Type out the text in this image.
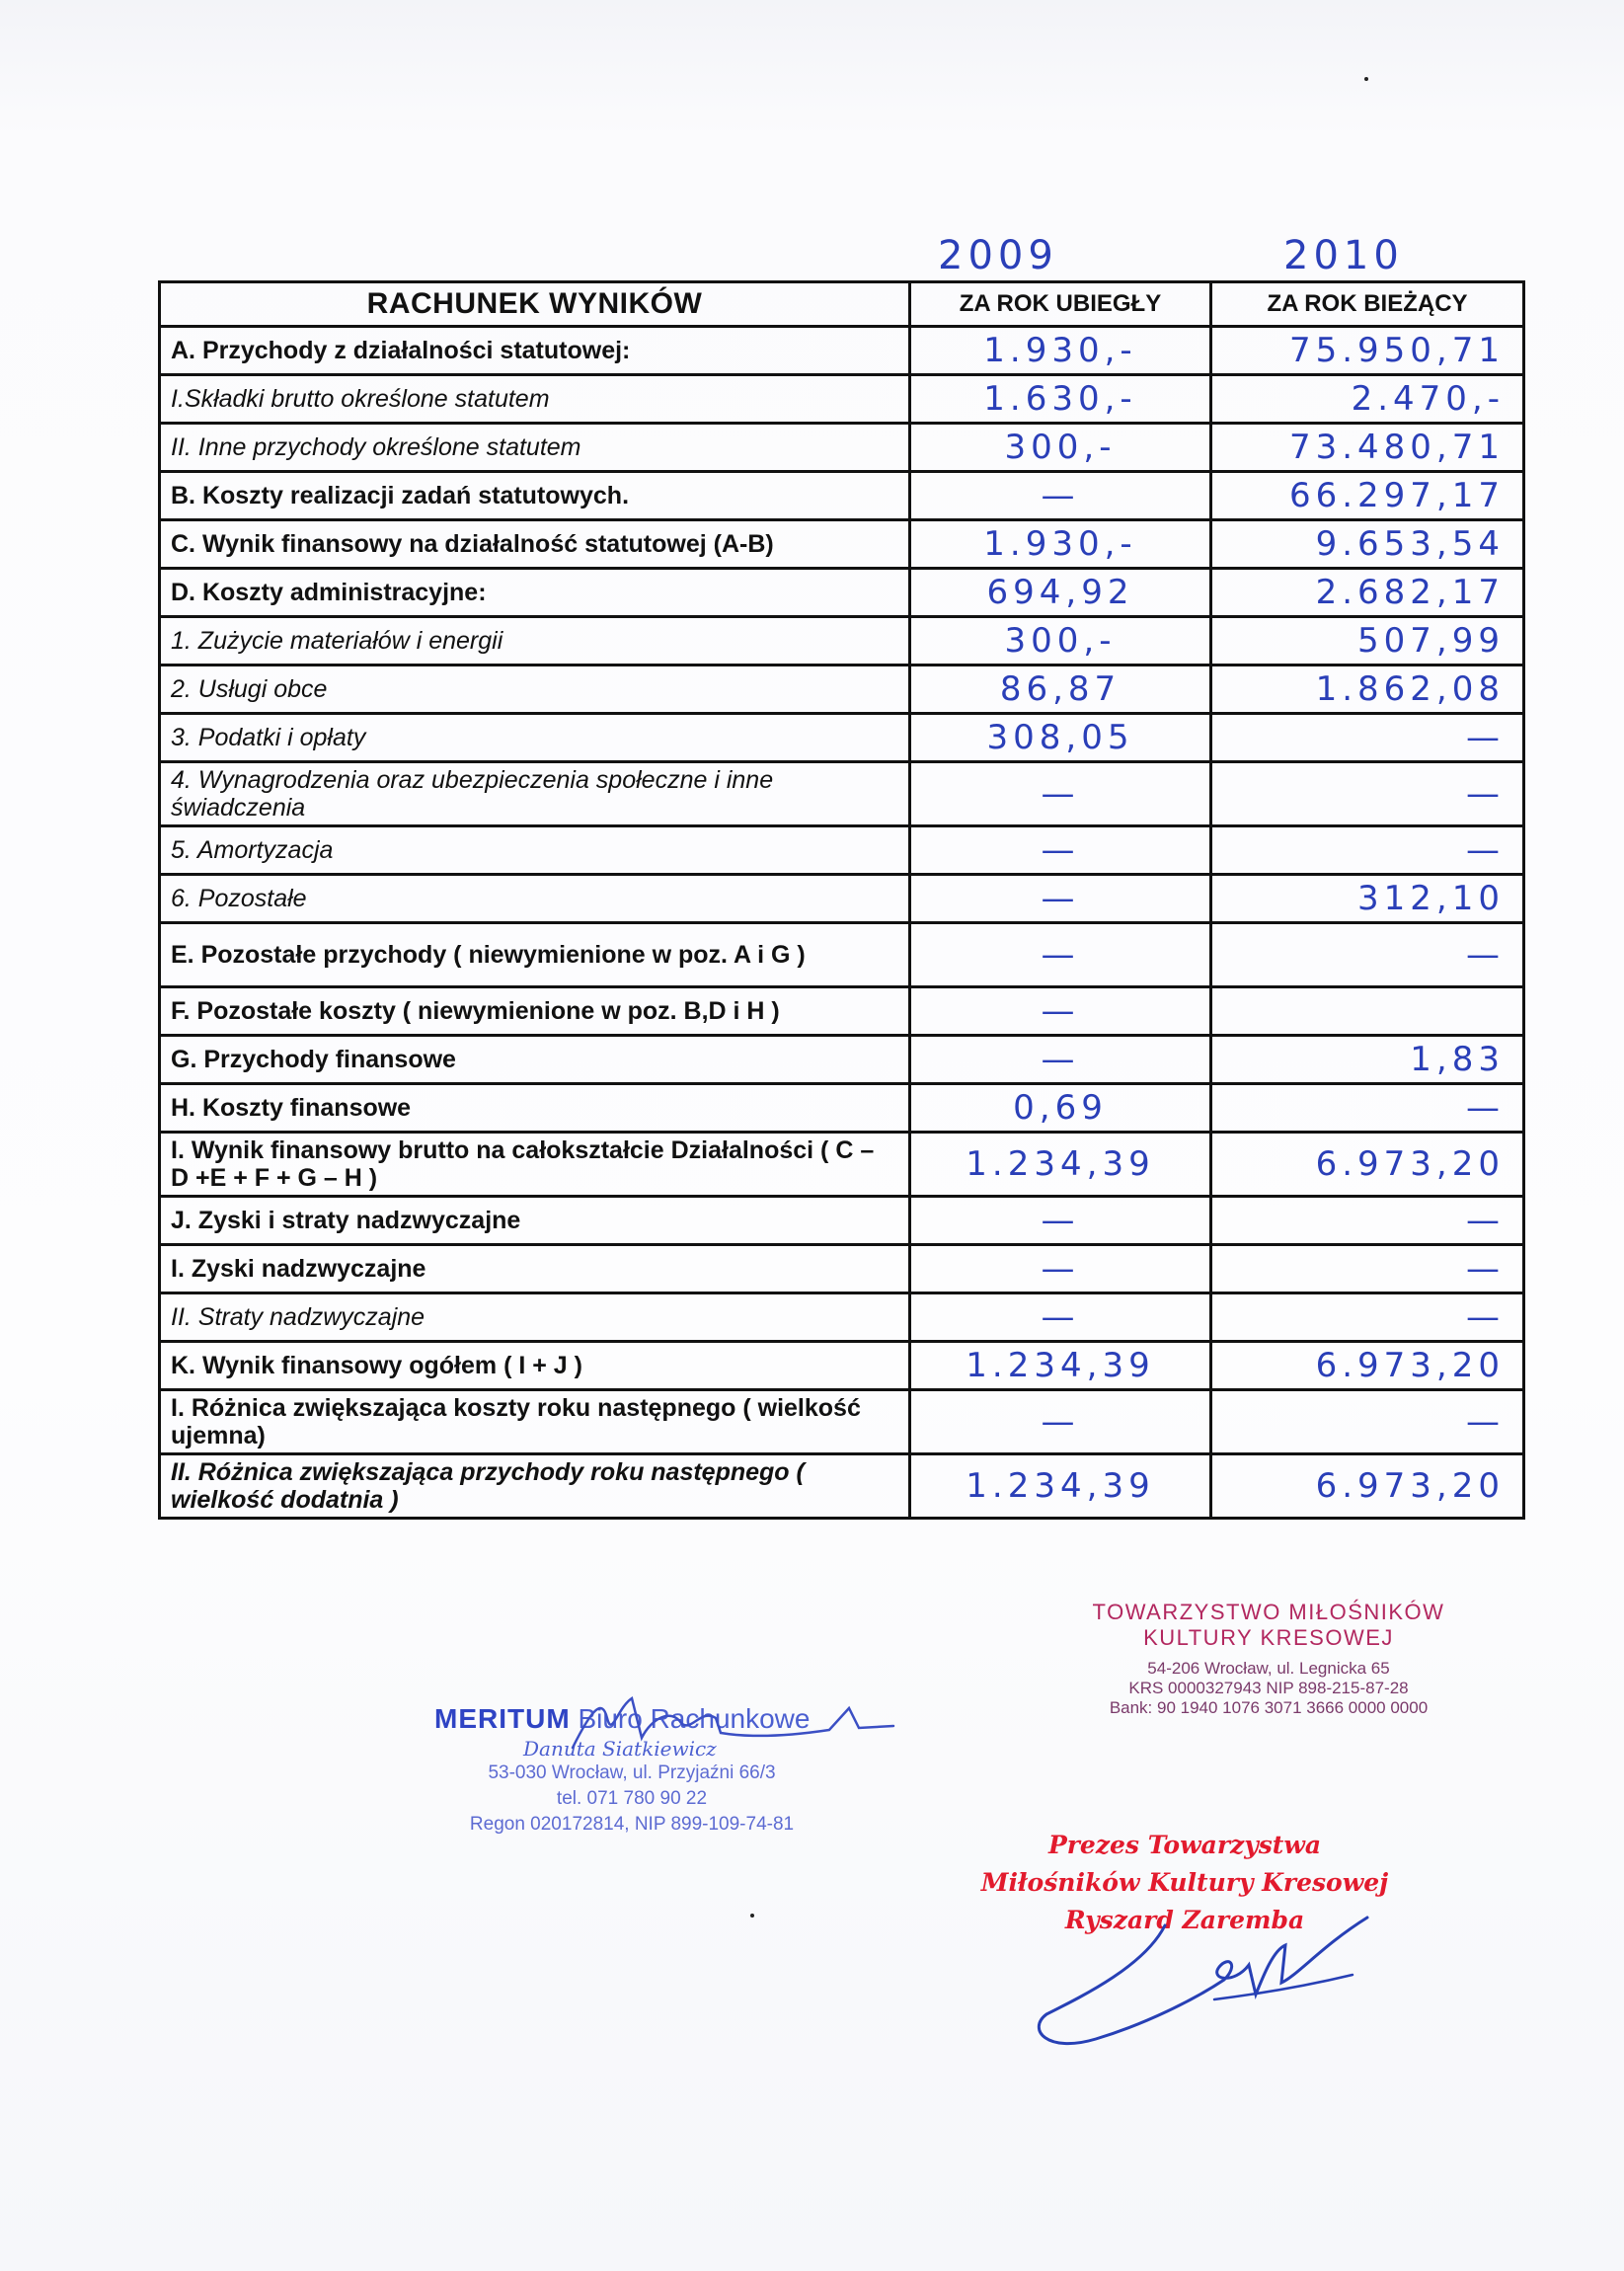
2009	2010
RACHUNEK WYNIKÓW	ZA ROK UBIEGŁY	ZA ROK BIEŻĄCY
A. Przychody z działalności statutowej:	1.930,-	75.950,71
I.Składki brutto określone statutem	1.630,-	2.470,-
II. Inne przychody określone statutem	300,-	73.480,71
B. Koszty realizacji zadań statutowych.	—	66.297,17
C. Wynik finansowy na działalność statutowej (A-B)	1.930,-	9.653,54
D. Koszty administracyjne:	694,92	2.682,17
1. Zużycie materiałów i energii	300,-	507,99
2. Usługi obce	86,87	1.862,08
3. Podatki i opłaty	308,05	—
4. Wynagrodzenia oraz ubezpieczenia społeczne i inne świadczenia	—	—
5. Amortyzacja	—	—
6. Pozostałe	—	312,10
E. Pozostałe przychody ( niewymienione w poz. A i G )	—	—
F. Pozostałe koszty ( niewymienione w poz. B,D i H )	—	
G. Przychody finansowe	—	1,83
H. Koszty finansowe	0,69	—
I. Wynik finansowy brutto na całokształcie Działalności ( C – D +E + F + G – H )	1.234,39	6.973,20
J. Zyski i straty nadzwyczajne	—	—
I. Zyski nadzwyczajne	—	—
II. Straty nadzwyczajne	—	—
K. Wynik finansowy ogółem ( I + J )	1.234,39	6.973,20
I. Różnica zwiększająca koszty roku następnego ( wielkość ujemna)	—	—
II. Różnica zwiększająca przychody roku następnego ( wielkość dodatnia )	1.234,39	6.973,20
MERITUM Biuro Rachunkowe
Danuta Siatkiewicz
53-030 Wrocław, ul. Przyjaźni 66/3
tel. 071 780 90 22
Regon 020172814, NIP 899-109-74-81
TOWARZYSTWO MIŁOŚNIKÓW
KULTURY KRESOWEJ
54-206 Wrocław, ul. Legnicka 65
KRS 0000327943 NIP 898-215-87-28
Bank: 90 1940 1076 3071 3666 0000 0000
Prezes Towarzystwa
Miłośników Kultury Kresowej
Ryszard Zaremba
